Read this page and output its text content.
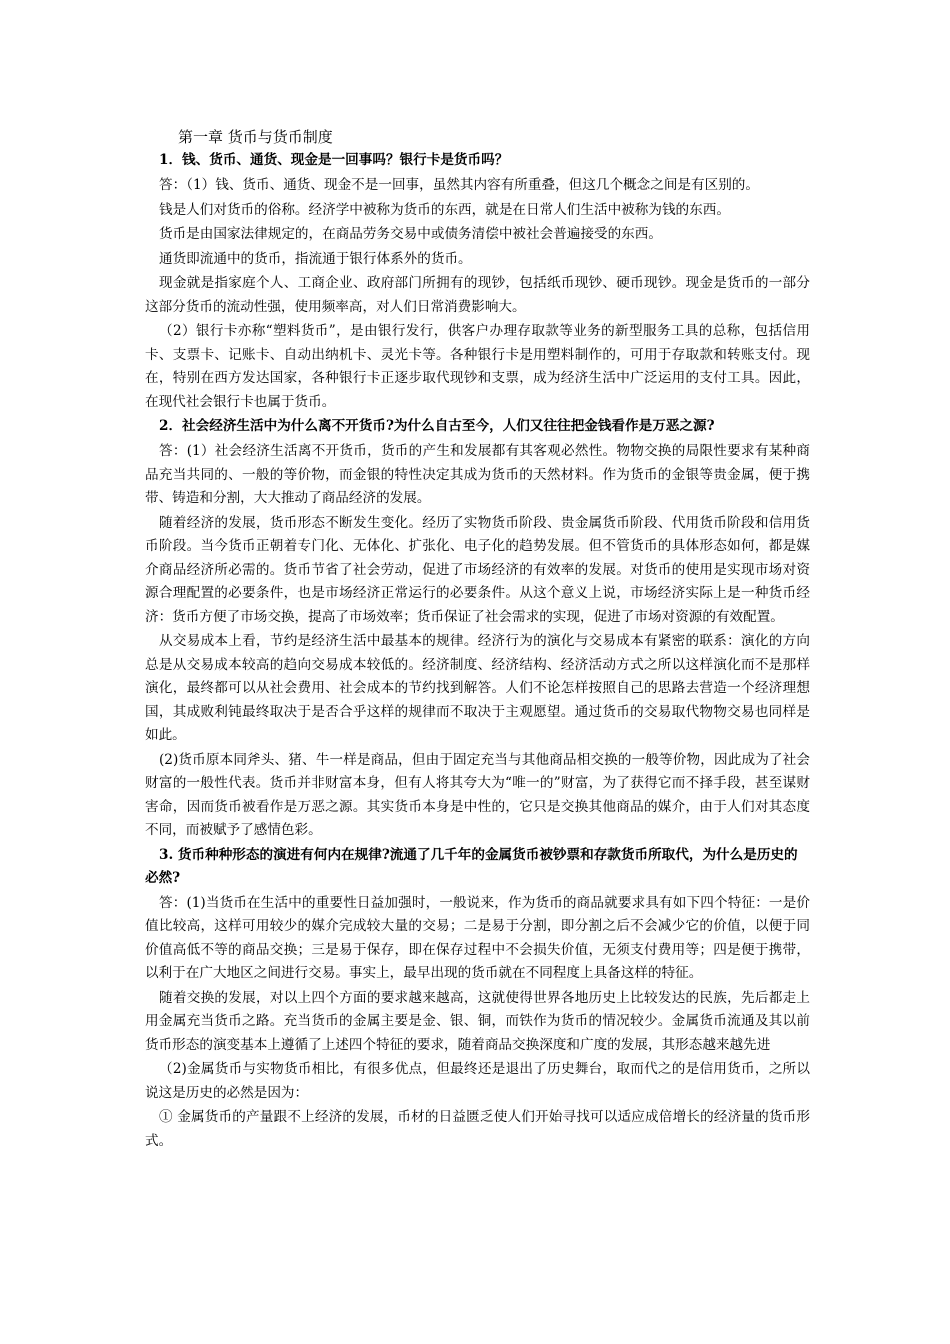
第一章 货币与货币制度
1．钱、货币、通货、现金是一回事吗？银行卡是货币吗？
答：（1）钱、货币、通货、现金不是一回事，虽然其内容有所重叠，但这几个概念之间是有区别的。
钱是人们对货币的俗称。经济学中被称为货币的东西，就是在日常人们生活中被称为钱的东西。
货币是由国家法律规定的，在商品劳务交易中或债务清偿中被社会普遍接受的东西。
通货即流通中的货币，指流通于银行体系外的货币。
现金就是指家庭个人、工商企业、政府部门所拥有的现钞，包括纸币现钞、硬币现钞。现金是货币的一部分这部分货币的流动性强，使用频率高，对人们日常消费影响大。
（2）银行卡亦称“塑料货币”，是由银行发行，供客户办理存取款等业务的新型服务工具的总称，包括信用卡、支票卡、记账卡、自动出纳机卡、灵光卡等。各种银行卡是用塑料制作的，可用于存取款和转账支付。现在，特别在西方发达国家，各种银行卡正逐步取代现钞和支票，成为经济生活中广泛运用的支付工具。因此，在现代社会银行卡也属于货币。
2．社会经济生活中为什么离不开货币?为什么自古至今，人们又往往把金钱看作是万恶之源?
答：(1）社会经济生活离不开货币，货币的产生和发展都有其客观必然性。物物交换的局限性要求有某种商品充当共同的、一般的等价物，而金银的特性决定其成为货币的天然材料。作为货币的金银等贵金属，便于携带、铸造和分割，大大推动了商品经济的发展。
随着经济的发展，货币形态不断发生变化。经历了实物货币阶段、贵金属货币阶段、代用货币阶段和信用货币阶段。当今货币正朝着专门化、无体化、扩张化、电子化的趋势发展。但不管货币的具体形态如何，都是媒介商品经济所必需的。货币节省了社会劳动，促进了市场经济的有效率的发展。对货币的使用是实现市场对资源合理配置的必要条件，也是市场经济正常运行的必要条件。从这个意义上说，市场经济实际上是一种货币经济：货币方便了市场交换，提高了市场效率；货币保证了社会需求的实现，促进了市场对资源的有效配置。
从交易成本上看，节约是经济生活中最基本的规律。经济行为的演化与交易成本有紧密的联系：演化的方向总是从交易成本较高的趋向交易成本较低的。经济制度、经济结构、经济活动方式之所以这样演化而不是那样演化，最终都可以从社会费用、社会成本的节约找到解答。人们不论怎样按照自己的思路去营造一个经济理想国，其成败利钝最终取决于是否合乎这样的规律而不取决于主观愿望。通过货币的交易取代物物交易也同样是如此。
(2)货币原本同斧头、猪、牛一样是商品，但由于固定充当与其他商品相交换的一般等价物，因此成为了社会财富的一般性代表。货币并非财富本身，但有人将其夸大为“唯一的”财富，为了获得它而不择手段，甚至谋财害命，因而货币被看作是万恶之源。其实货币本身是中性的，它只是交换其他商品的媒介，由于人们对其态度不同，而被赋予了感情色彩。
3. 货币种种形态的演进有何内在规律?流通了几千年的金属货币被钞票和存款货币所取代，为什么是历史的必然?
答：(1)当货币在生活中的重要性日益加强时，一般说来，作为货币的商品就要求具有如下四个特征：一是价值比较高，这样可用较少的媒介完成较大量的交易；二是易于分割，即分割之后不会减少它的价值，以便于同价值高低不等的商品交换；三是易于保存，即在保存过程中不会损失价值，无须支付费用等；四是便于携带，以利于在广大地区之间进行交易。事实上，最早出现的货币就在不同程度上具备这样的特征。
随着交换的发展，对以上四个方面的要求越来越高，这就使得世界各地历史上比较发达的民族，先后都走上用金属充当货币之路。充当货币的金属主要是金、银、铜，而铁作为货币的情况较少。金属货币流通及其以前货币形态的演变基本上遵循了上述四个特征的要求，随着商品交换深度和广度的发展，其形态越来越先进
（2)金属货币与实物货币相比，有很多优点，但最终还是退出了历史舞台，取而代之的是信用货币，之所以说这是历史的必然是因为：
① 金属货币的产量跟不上经济的发展，币材的日益匮乏使人们开始寻找可以适应成倍增长的经济量的货币形式。
